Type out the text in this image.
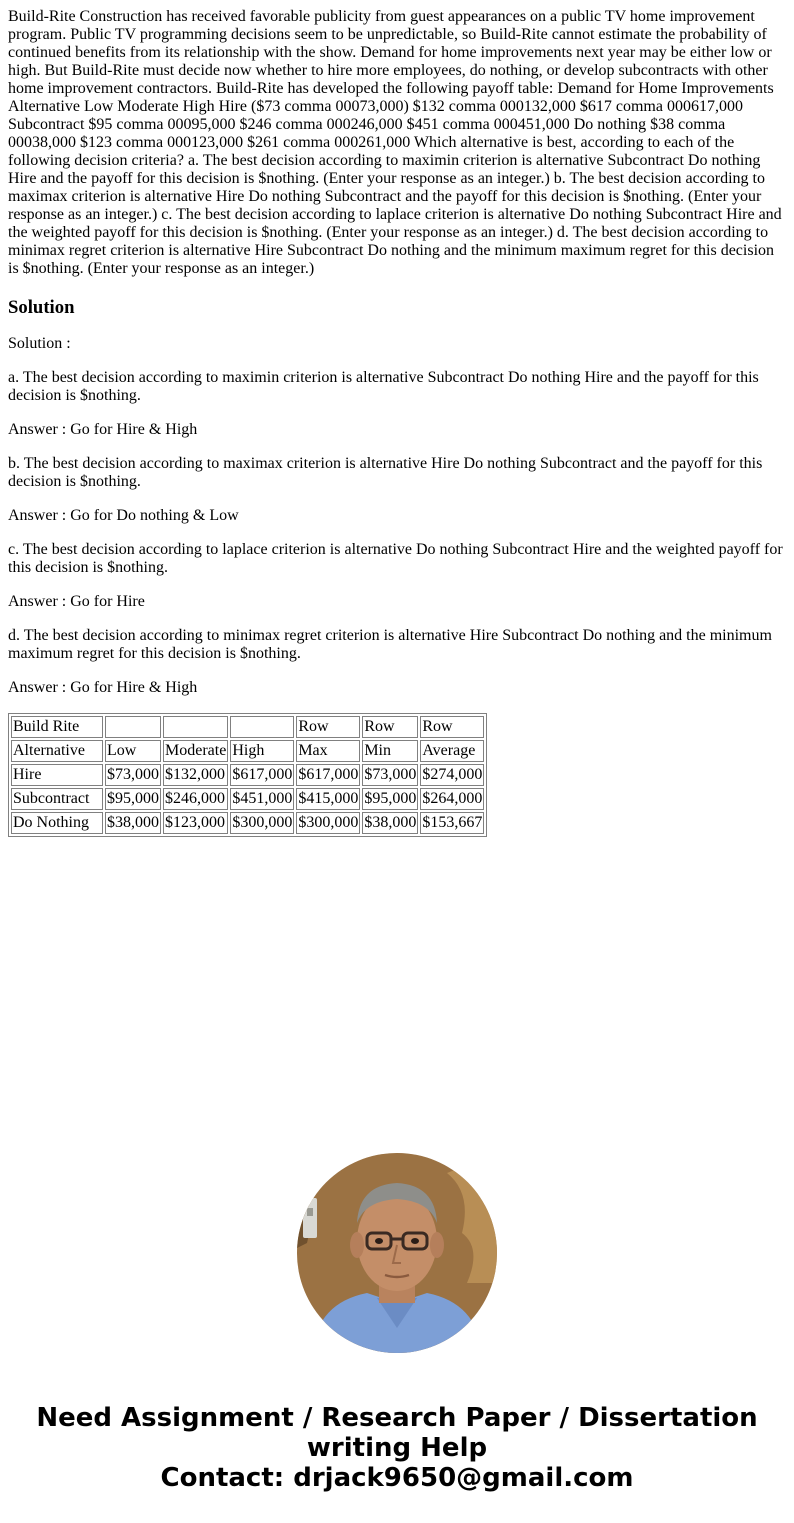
Build-Rite Construction has received favorable publicity from guest appearances on a public TV home improvement program. Public TV programming decisions seem to be unpredictable, so Build-Rite cannot estimate the probability of continued benefits from its relationship with the show. Demand for home improvements next year may be either low or high. But Build-Rite must decide now whether to hire more employees, do nothing, or develop subcontracts with other home improvement contractors. Build-Rite has developed the following payoff table: Demand for Home Improvements Alternative Low Moderate High Hire ($73 comma 00073,000) $132 comma 000132,000 $617 comma 000617,000 Subcontract $95 comma 00095,000 $246 comma 000246,000 $451 comma 000451,000 Do nothing $38 comma 00038,000 $123 comma 000123,000 $261 comma 000261,000 Which alternative is best, according to each of the following decision criteria? a. The best decision according to maximin criterion is alternative Subcontract Do nothing Hire and the payoff for this decision is $nothing. (Enter your response as an integer.) b. The best decision according to maximax criterion is alternative Hire Do nothing Subcontract and the payoff for this decision is $nothing. (Enter your response as an integer.) c. The best decision according to laplace criterion is alternative Do nothing Subcontract Hire and the weighted payoff for this decision is $nothing. (Enter your response as an integer.) d. The best decision according to minimax regret criterion is alternative Hire Subcontract Do nothing and the minimum maximum regret for this decision is $nothing. (Enter your response as an integer.)
Solution

Solution :

a. The best decision according to maximin criterion is alternative Subcontract Do nothing Hire and the payoff for this decision is $nothing.

Answer : Go for Hire & High

b. The best decision according to maximax criterion is alternative Hire Do nothing Subcontract and the payoff for this decision is $nothing.

Answer : Go for Do nothing & Low

c. The best decision according to laplace criterion is alternative Do nothing Subcontract Hire and the weighted payoff for this decision is $nothing.

Answer : Go for Hire

d. The best decision according to minimax regret criterion is alternative Hire Subcontract Do nothing and the minimum maximum regret for this decision is $nothing.

Answer : Go for Hire & High

Build Rite				Row	Row	Row
Alternative	Low	Moderate	High	Max	Min	Average
Hire	$73,000	$132,000	$617,000	$617,000	$73,000	$274,000
Subcontract	$95,000	$246,000	$451,000	$415,000	$95,000	$264,000
Do Nothing	$38,000	$123,000	$300,000	$300,000	$38,000	$153,667
Need Assignment / Research Paper / Dissertation
writing Help
Contact: drjack9650@gmail.com
